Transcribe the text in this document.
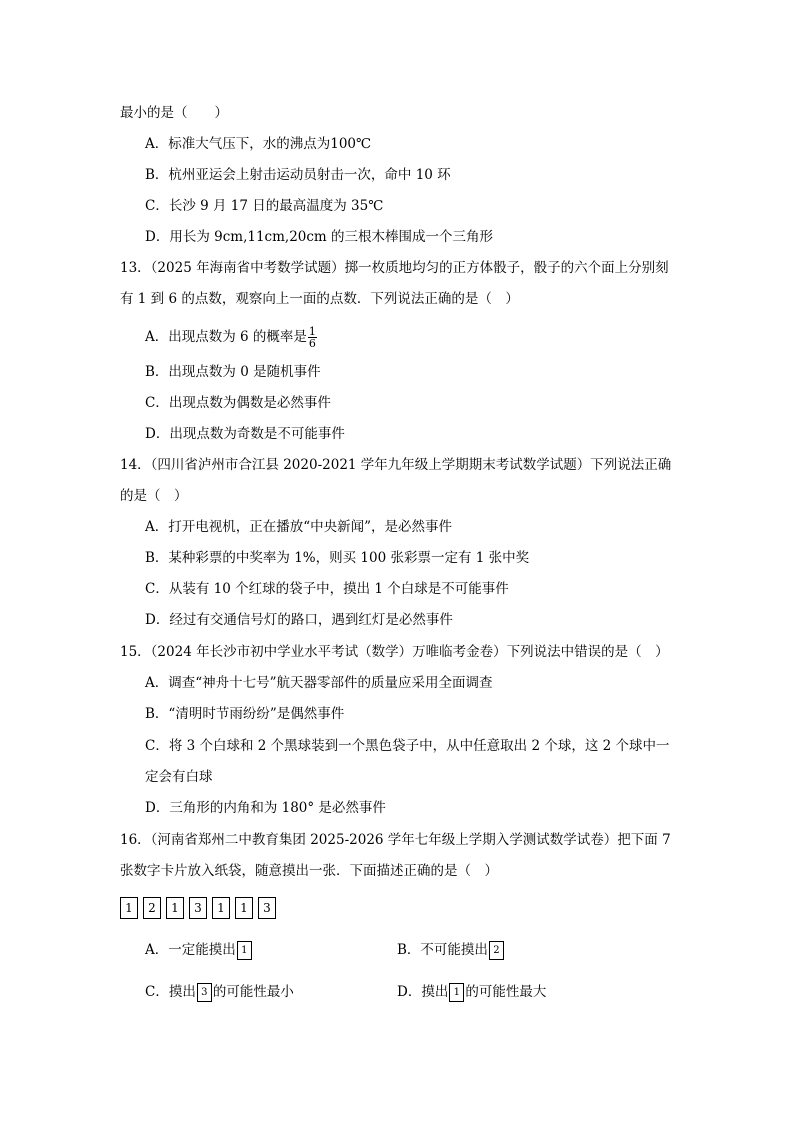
最小的是（　　）
A．标准大气压下，水的沸点为100℃
B．杭州亚运会上射击运动员射击一次，命中 10 环
C．长沙 9 月 17 日的最高温度为 35℃
D．用长为 9cm,11cm,20cm 的三根木棒围成一个三角形
13．（2025 年海南省中考数学试题）掷一枚质地均匀的正方体骰子，骰子的六个面上分别刻
有 1 到 6 的点数，观察向上一面的点数．下列说法正确的是（　）
A．出现点数为 6 的概率是 $\frac{1}{6}$
B．出现点数为 0 是随机事件
C．出现点数为偶数是必然事件
D．出现点数为奇数是不可能事件
14．（四川省泸州市合江县 2020-2021 学年九年级上学期期末考试数学试题）下列说法正确
的是（　）
A．打开电视机，正在播放“中央新闻”，是必然事件
B．某种彩票的中奖率为 1%，则买 100 张彩票一定有 1 张中奖
C．从装有 10 个红球的袋子中，摸出 1 个白球是不可能事件
D．经过有交通信号灯的路口，遇到红灯是必然事件
15．（2024 年长沙市初中学业水平考试（数学）万唯临考金卷）下列说法中错误的是（　）
A．调查“神舟十七号”航天器零部件的质量应采用全面调查
B．“清明时节雨纷纷”是偶然事件
C．将 3 个白球和 2 个黑球装到一个黑色袋子中，从中任意取出 2 个球，这 2 个球中一
定会有白球
D．三角形的内角和为 180° 是必然事件
16．（河南省郑州二中教育集团 2025-2026 学年七年级上学期入学测试数学试卷）把下面 7
张数字卡片放入纸袋，随意摸出一张．下面描述正确的是（　）
1	2	1	3	1	1	3
A．一定能摸出 1	B．不可能摸出 2
C．摸出 3 的可能性最小	D．摸出 1 的可能性最大
